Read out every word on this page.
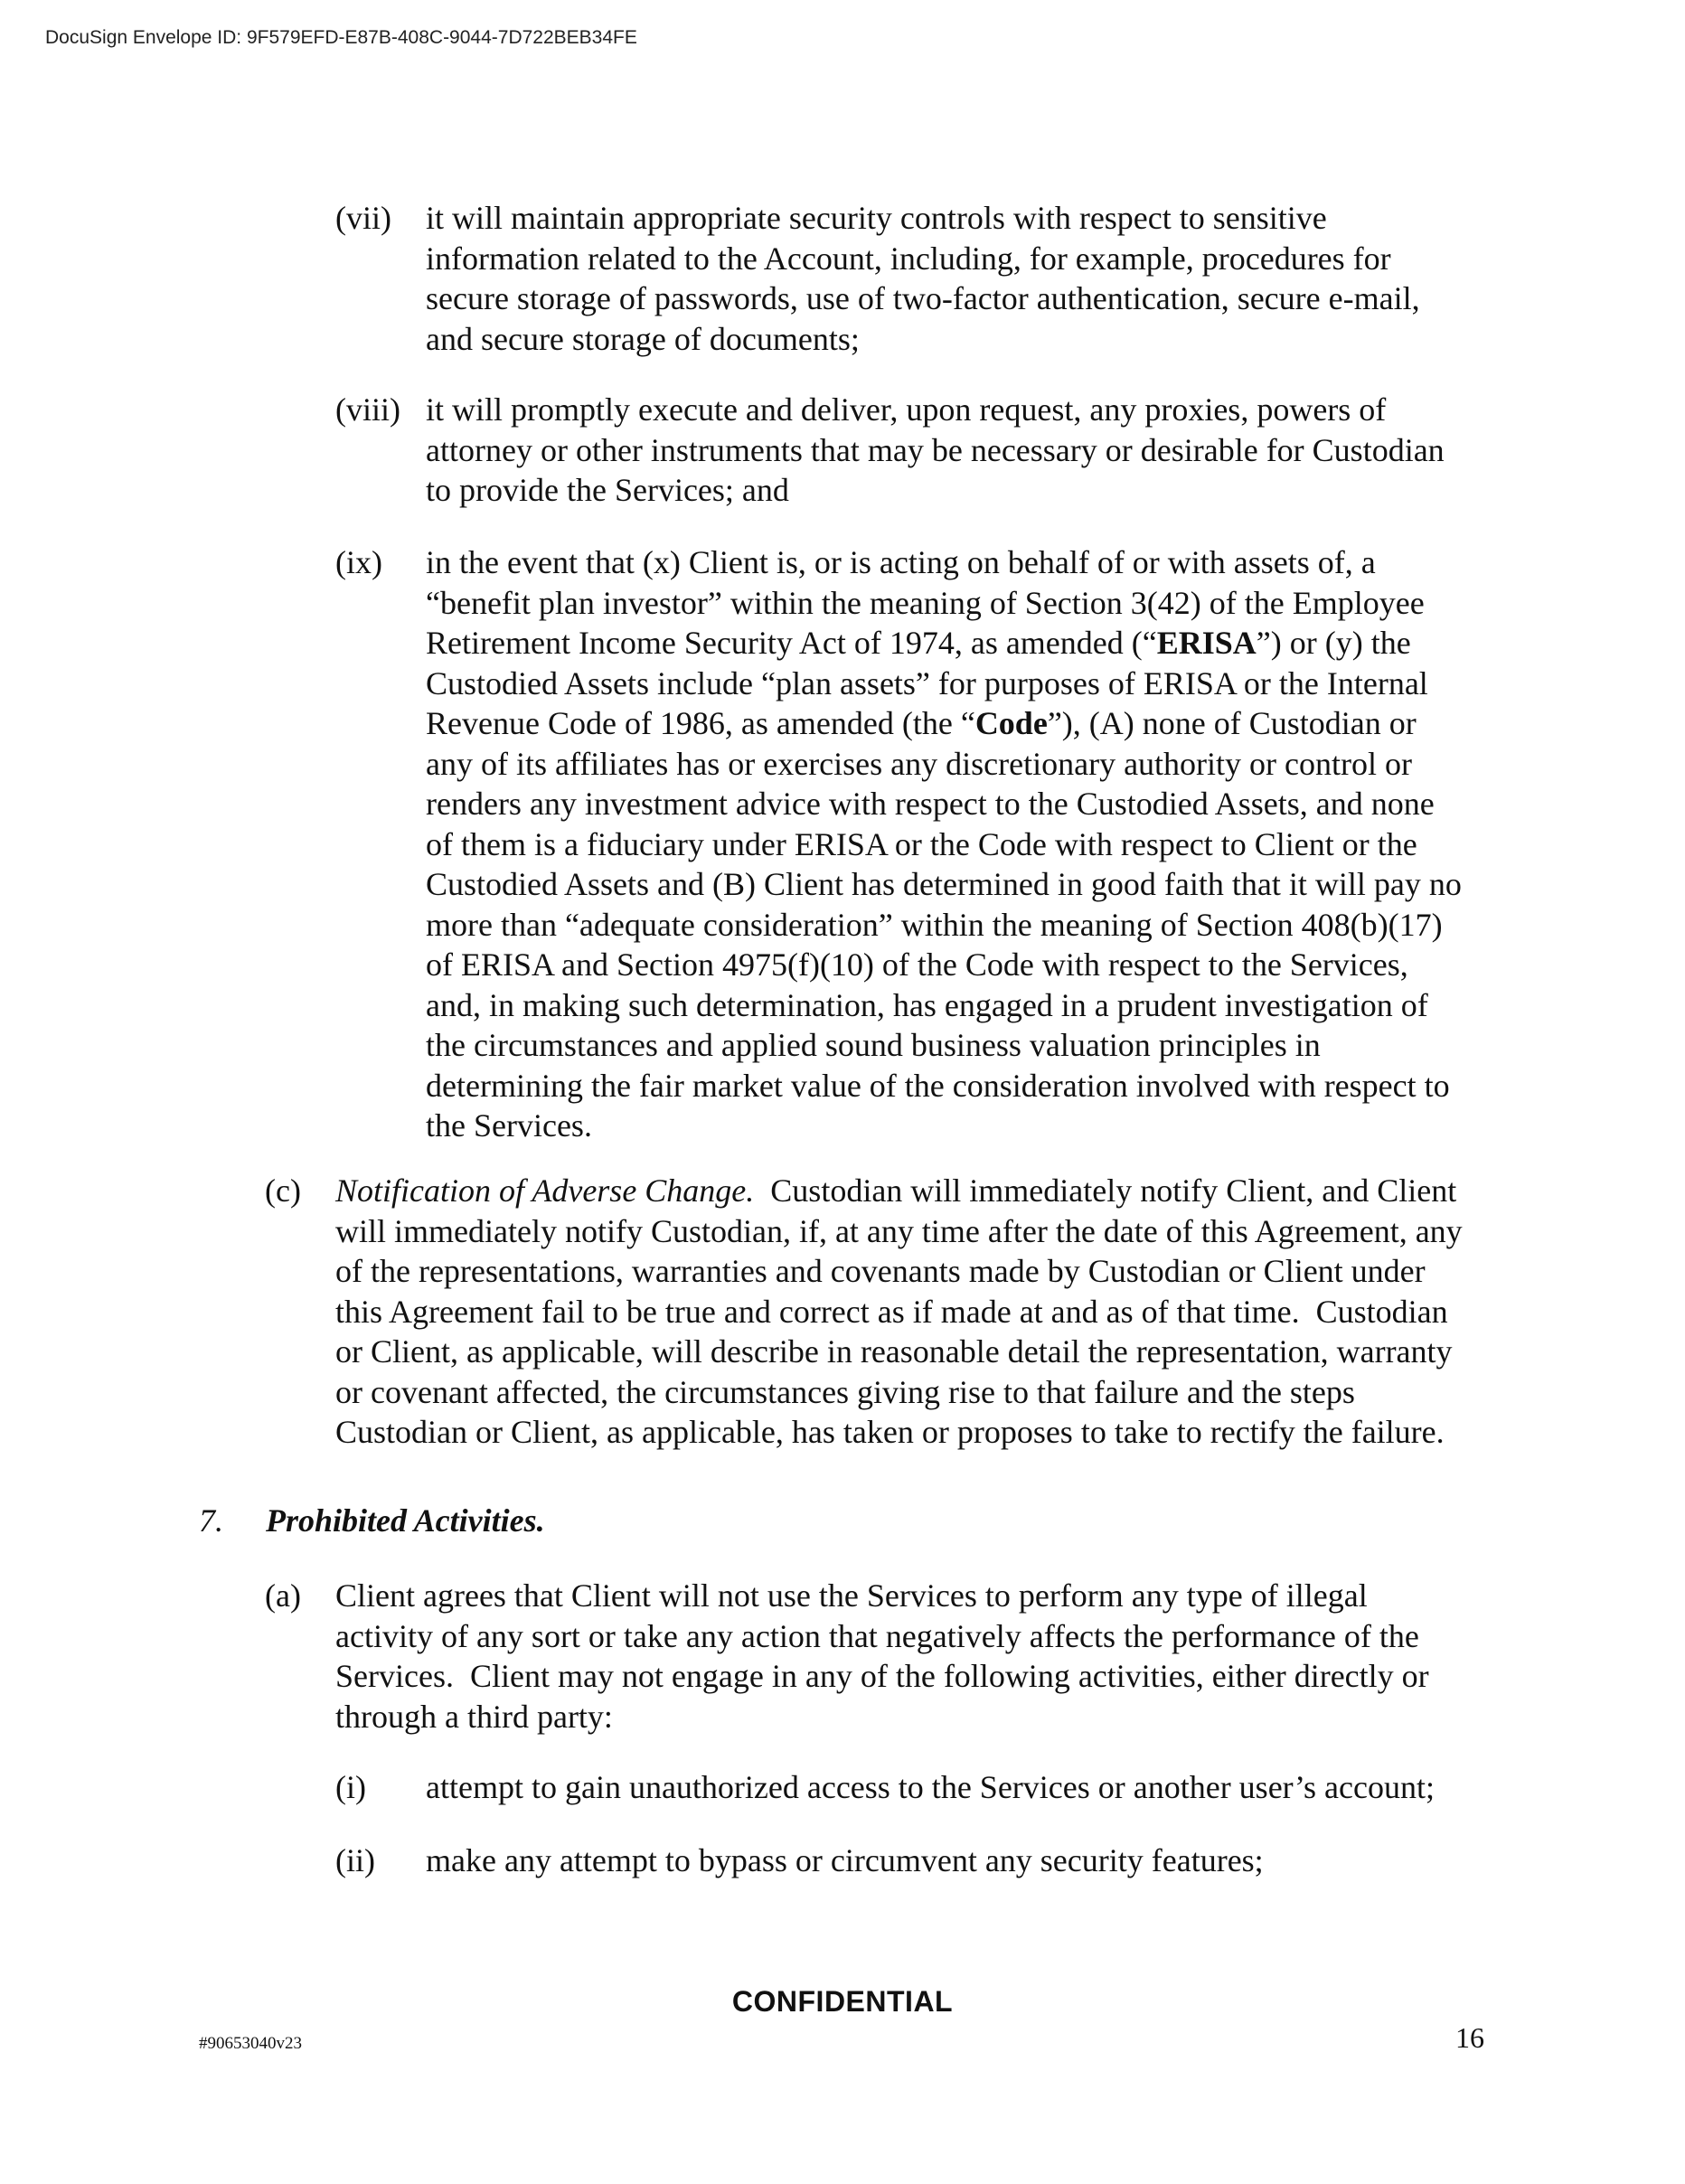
DocuSign Envelope ID: 9F579EFD-E87B-408C-9044-7D722BEB34FE
(vii) it will maintain appropriate security controls with respect to sensitive
information related to the Account, including, for example, procedures for
secure storage of passwords, use of two-factor authentication, secure e-mail,
and secure storage of documents;
(viii) it will promptly execute and deliver, upon request, any proxies, powers of
attorney or other instruments that may be necessary or desirable for Custodian
to provide the Services; and
(ix) in the event that (x) Client is, or is acting on behalf of or with assets of, a
“benefit plan investor” within the meaning of Section 3(42) of the Employee
Retirement Income Security Act of 1974, as amended (“ERISA”) or (y) the
Custodied Assets include “plan assets” for purposes of ERISA or the Internal
Revenue Code of 1986, as amended (the “Code”), (A) none of Custodian or
any of its affiliates has or exercises any discretionary authority or control or
renders any investment advice with respect to the Custodied Assets, and none
of them is a fiduciary under ERISA or the Code with respect to Client or the
Custodied Assets and (B) Client has determined in good faith that it will pay no
more than “adequate consideration” within the meaning of Section 408(b)(17)
of ERISA and Section 4975(f)(10) of the Code with respect to the Services,
and, in making such determination, has engaged in a prudent investigation of
the circumstances and applied sound business valuation principles in
determining the fair market value of the consideration involved with respect to
the Services.
(c) Notification of Adverse Change.  Custodian will immediately notify Client, and Client
will immediately notify Custodian, if, at any time after the date of this Agreement, any
of the representations, warranties and covenants made by Custodian or Client under
this Agreement fail to be true and correct as if made at and as of that time.  Custodian
or Client, as applicable, will describe in reasonable detail the representation, warranty
or covenant affected, the circumstances giving rise to that failure and the steps
Custodian or Client, as applicable, has taken or proposes to take to rectify the failure.
7. Prohibited Activities.
(a) Client agrees that Client will not use the Services to perform any type of illegal
activity of any sort or take any action that negatively affects the performance of the
Services.  Client may not engage in any of the following activities, either directly or
through a third party:
(i) attempt to gain unauthorized access to the Services or another user’s account;
(ii) make any attempt to bypass or circumvent any security features;
CONFIDENTIAL
#90653040v23	16
